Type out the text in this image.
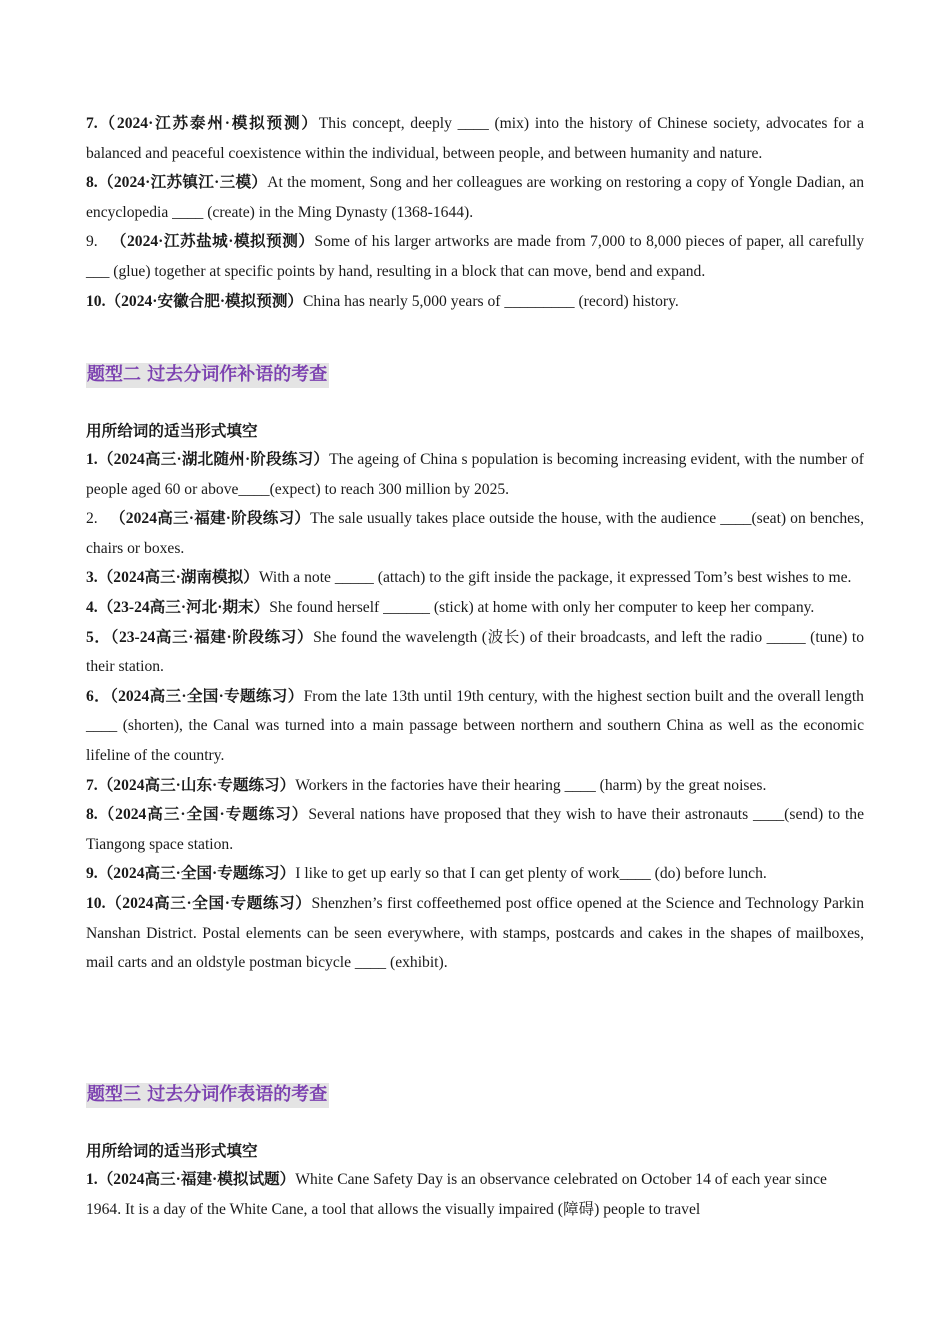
7.（2024·江苏泰州·模拟预测）This concept, deeply ____ (mix) into the history of Chinese society, advocates for a balanced and peaceful coexistence within the individual, between people, and between humanity and nature.

8.（2024·江苏镇江·三模）At the moment, Song and her colleagues are working on restoring a copy of Yongle Dadian, an encyclopedia ____ (create) in the Ming Dynasty (1368-1644).

9. （2024·江苏盐城·模拟预测）Some of his larger artworks are made from 7,000 to 8,000 pieces of paper, all carefully ___ (glue) together at specific points by hand, resulting in a block that can move, bend and expand.

10.（2024·安徽合肥·模拟预测）China has nearly 5,000 years of _________ (record) history.

题型二 过去分词作补语的考查
用所给词的适当形式填空

1.（2024高三·湖北随州·阶段练习）The ageing of China s population is becoming increasing evident, with the number of people aged 60 or above____(expect) to reach 300 million by 2025.

2. （2024高三·福建·阶段练习）The sale usually takes place outside the house, with the audience ____(seat) on benches, chairs or boxes.

3.（2024高三·湖南模拟）With a note _____ (attach) to the gift inside the package, it expressed Tom’s best wishes to me.

4.（23-24高三·河北·期末）She found herself ______ (stick) at home with only her computer to keep her company.

5．（23-24高三·福建·阶段练习）She found the wavelength (波长) of their broadcasts, and left the radio _____ (tune) to their station.

6．（2024高三·全国·专题练习）From the late 13th until 19th century, with the highest section built and the overall length ____ (shorten), the Canal was turned into a main passage between northern and southern China as well as the economic lifeline of the country.

7.（2024高三·山东·专题练习）Workers in the factories have their hearing ____ (harm) by the great noises.

8.（2024高三·全国·专题练习）Several nations have proposed that they wish to have their astronauts ____(send) to the Tiangong space station.

9.（2024高三·全国·专题练习）I like to get up early so that I can get plenty of work____ (do) before lunch.

10.（2024高三·全国·专题练习）Shenzhen’s first coffeethemed post office opened at the Science and Technology Parkin Nanshan District. Postal elements can be seen everywhere, with stamps, postcards and cakes in the shapes of mailboxes, mail carts and an oldstyle postman bicycle ____ (exhibit).

题型三 过去分词作表语的考查
用所给词的适当形式填空

1.（2024高三·福建·模拟试题）White Cane Safety Day is an observance celebrated on October 14 of each year since 1964. It is a day of the White Cane, a tool that allows the visually impaired (障碍) people to travel
